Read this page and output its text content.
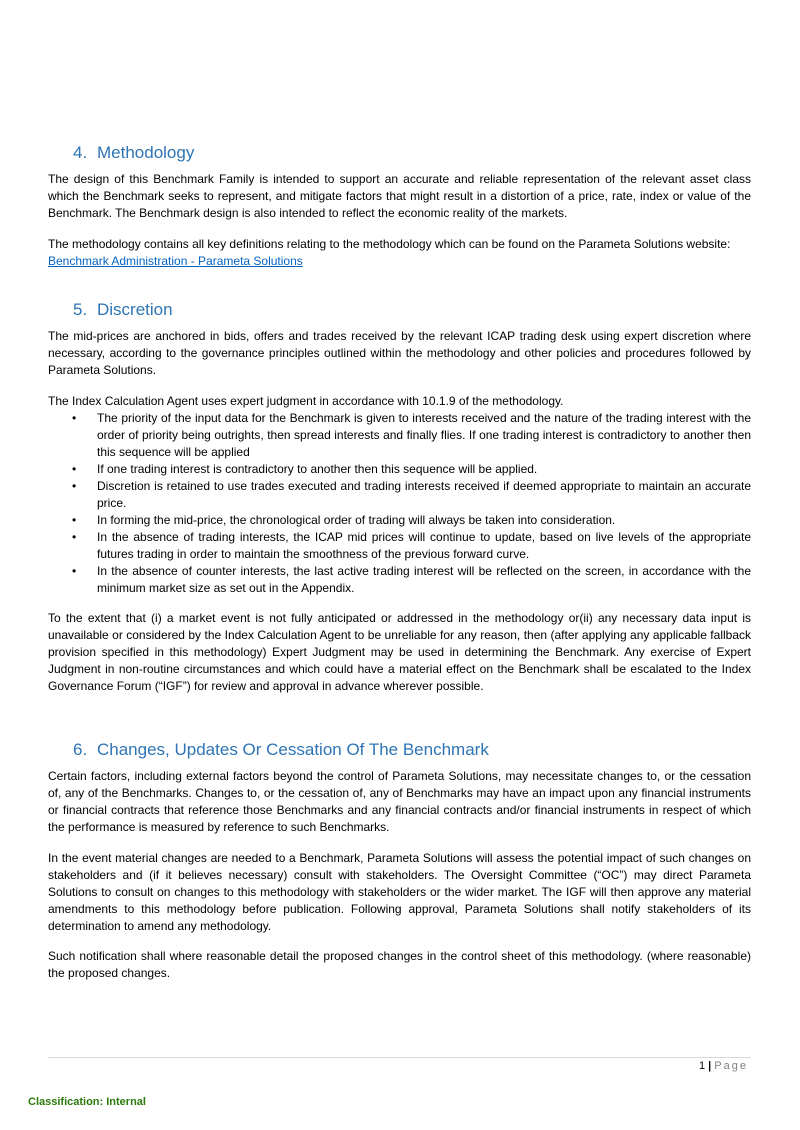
4. Methodology

The design of this Benchmark Family is intended to support an accurate and reliable representation of the relevant asset class which the Benchmark seeks to represent, and mitigate factors that might result in a distortion of a price, rate, index or value of the Benchmark. The Benchmark design is also intended to reflect the economic reality of the markets.

The methodology contains all key definitions relating to the methodology which can be found on the Parameta Solutions website:
Benchmark Administration - Parameta Solutions

5. Discretion

The mid-prices are anchored in bids, offers and trades received by the relevant ICAP trading desk using expert discretion where necessary, according to the governance principles outlined within the methodology and other policies and procedures followed by Parameta Solutions.

The Index Calculation Agent uses expert judgment in accordance with 10.1.9 of the methodology.

• The priority of the input data for the Benchmark is given to interests received and the nature of the trading interest with the order of priority being outrights, then spread interests and finally flies. If one trading interest is contradictory to another then this sequence will be applied
• If one trading interest is contradictory to another then this sequence will be applied.
• Discretion is retained to use trades executed and trading interests received if deemed appropriate to maintain an accurate price.
• In forming the mid-price, the chronological order of trading will always be taken into consideration.
• In the absence of trading interests, the ICAP mid prices will continue to update, based on live levels of the appropriate futures trading in order to maintain the smoothness of the previous forward curve.
• In the absence of counter interests, the last active trading interest will be reflected on the screen, in accordance with the minimum market size as set out in the Appendix.

To the extent that (i) a market event is not fully anticipated or addressed in the methodology or(ii) any necessary data input is unavailable or considered by the Index Calculation Agent to be unreliable for any reason, then (after applying any applicable fallback provision specified in this methodology) Expert Judgment may be used in determining the Benchmark. Any exercise of Expert Judgment in non-routine circumstances and which could have a material effect on the Benchmark shall be escalated to the Index Governance Forum (“IGF”) for review and approval in advance wherever possible.

6. Changes, Updates Or Cessation Of The Benchmark

Certain factors, including external factors beyond the control of Parameta Solutions, may necessitate changes to, or the cessation of, any of the Benchmarks. Changes to, or the cessation of, any of Benchmarks may have an impact upon any financial instruments or financial contracts that reference those Benchmarks and any financial contracts and/or financial instruments in respect of which the performance is measured by reference to such Benchmarks.

In the event material changes are needed to a Benchmark, Parameta Solutions will assess the potential impact of such changes on stakeholders and (if it believes necessary) consult with stakeholders. The Oversight Committee (“OC”) may direct Parameta Solutions to consult on changes to this methodology with stakeholders or the wider market. The IGF will then approve any material amendments to this methodology before publication. Following approval, Parameta Solutions shall notify stakeholders of its determination to amend any methodology.

Such notification shall where reasonable detail the proposed changes in the control sheet of this methodology. (where reasonable) the proposed changes.

1 | Page
Classification: Internal
